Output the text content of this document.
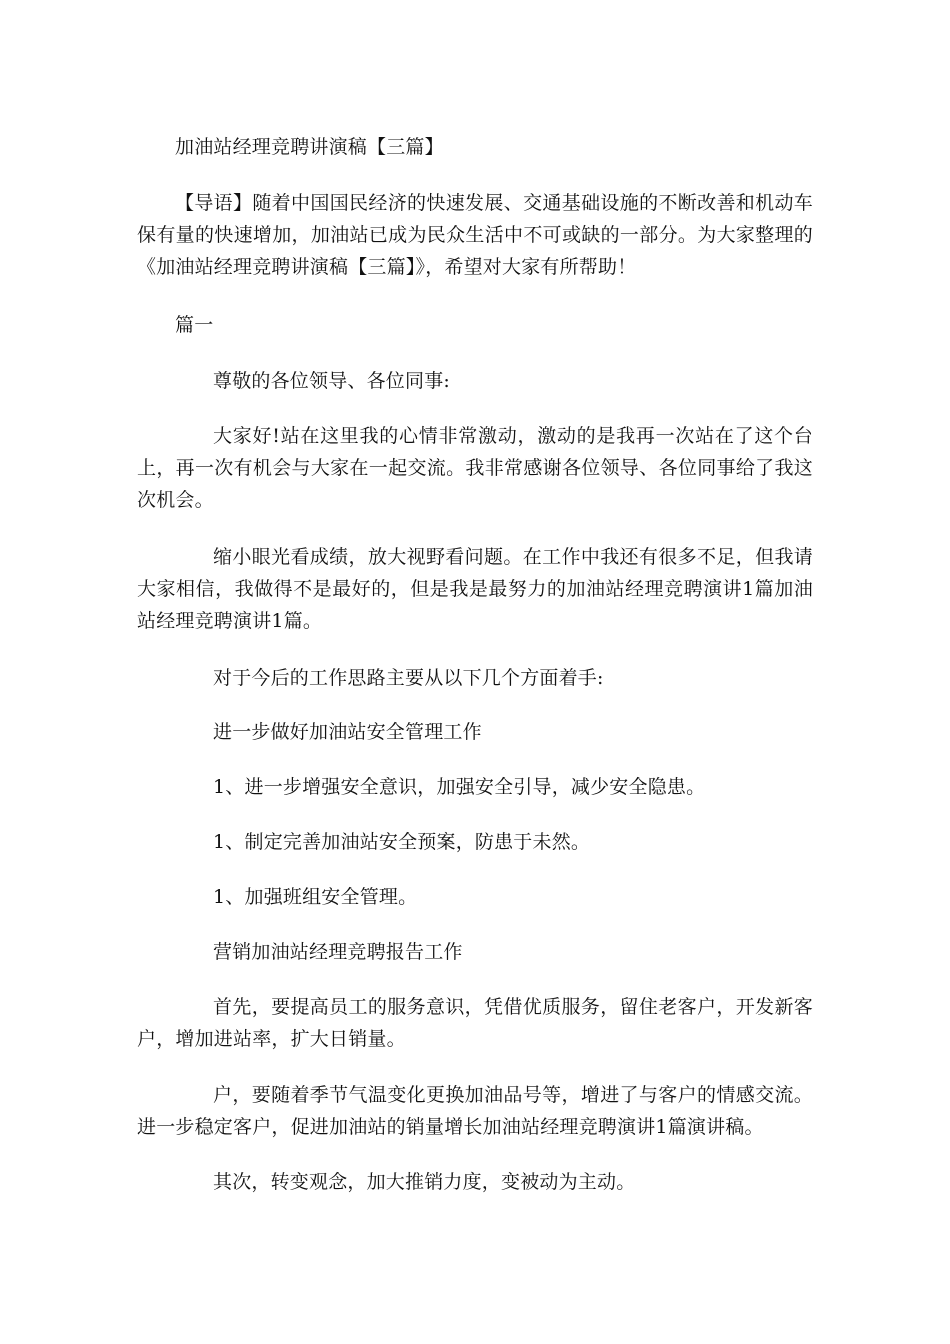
加油站经理竞聘讲演稿【三篇】

【导语】随着中国国民经济的快速发展、交通基础设施的不断改善和机动车保有量的快速增加，加油站已成为民众生活中不可或缺的一部分。为大家整理的《加油站经理竞聘讲演稿【三篇】》，希望对大家有所帮助！

篇一

尊敬的各位领导、各位同事:

大家好!站在这里我的心情非常激动，激动的是我再一次站在了这个台上，再一次有机会与大家在一起交流。我非常感谢各位领导、各位同事给了我这次机会。

缩小眼光看成绩，放大视野看问题。在工作中我还有很多不足，但我请大家相信，我做得不是最好的，但是我是最努力的加油站经理竞聘演讲1篇加油站经理竞聘演讲1篇。

对于今后的工作思路主要从以下几个方面着手:

进一步做好加油站安全管理工作

1、进一步增强安全意识，加强安全引导，减少安全隐患。

1、制定完善加油站安全预案，防患于未然。

1、加强班组安全管理。

营销加油站经理竞聘报告工作

首先，要提高员工的服务意识，凭借优质服务，留住老客户，开发新客户，增加进站率，扩大日销量。

户，要随着季节气温变化更换加油品号等，增进了与客户的情感交流。进一步稳定客户，促进加油站的销量增长加油站经理竞聘演讲1篇演讲稿。

其次，转变观念，加大推销力度，变被动为主动。
